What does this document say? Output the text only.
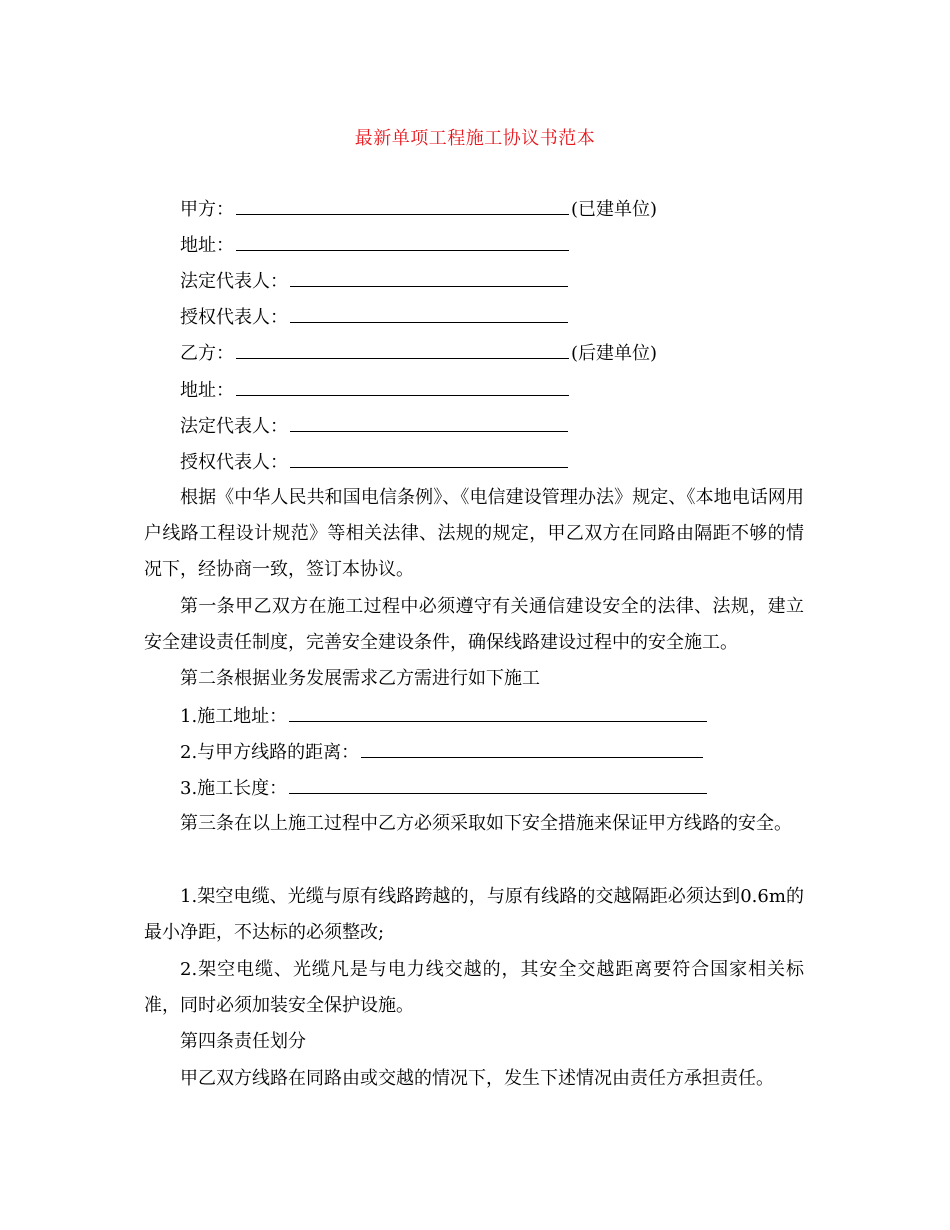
最新单项工程施工协议书范本
甲方：	(已建单位)
地址：
法定代表人：
授权代表人：
乙方：	(后建单位)
地址：
法定代表人：
授权代表人：
根据《中华人民共和国电信条例》、《电信建设管理办法》规定、《本地电话网用户线路工程设计规范》等相关法律、法规的规定，甲乙双方在同路由隔距不够的情况下，经协商一致，签订本协议。
第一条甲乙双方在施工过程中必须遵守有关通信建设安全的法律、法规，建立安全建设责任制度，完善安全建设条件，确保线路建设过程中的安全施工。
第二条根据业务发展需求乙方需进行如下施工
1.施工地址：
2.与甲方线路的距离：
3.施工长度：
第三条在以上施工过程中乙方必须采取如下安全措施来保证甲方线路的安全。
1.架空电缆、光缆与原有线路跨越的，与原有线路的交越隔距必须达到0.6m的最小净距，不达标的必须整改;
2.架空电缆、光缆凡是与电力线交越的，其安全交越距离要符合国家相关标准，同时必须加装安全保护设施。
第四条责任划分
甲乙双方线路在同路由或交越的情况下，发生下述情况由责任方承担责任。
